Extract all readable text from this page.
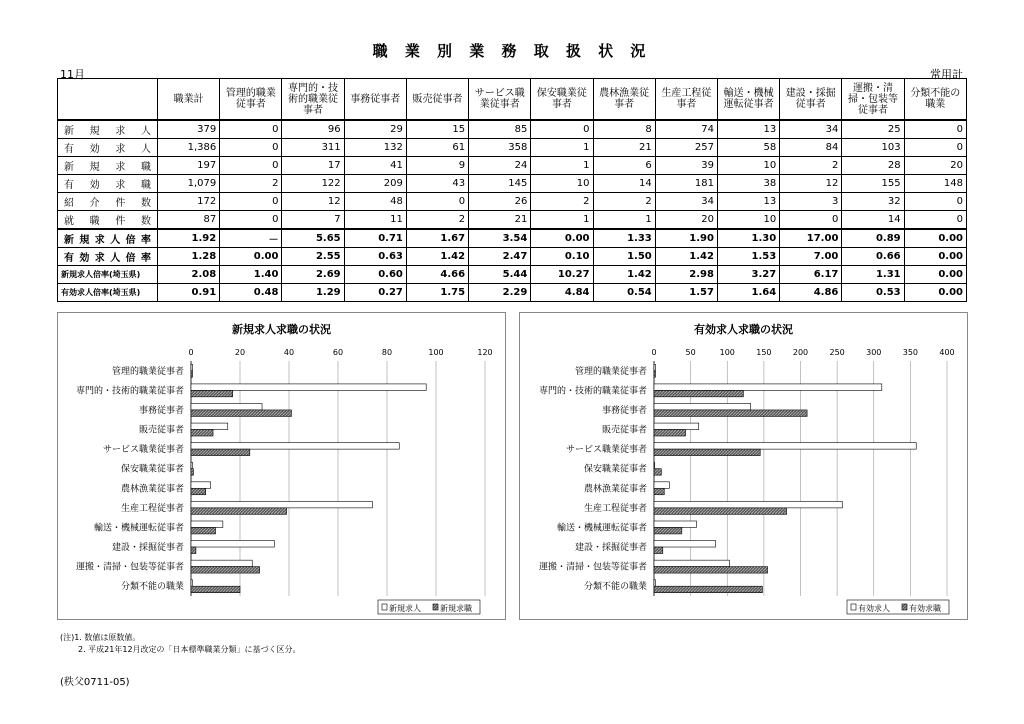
職 業 別 業 務 取 扱 状 況
11月	常用計
	職業計	管理的職業従事者	専門的・技術的職業従事者	事務従事者	販売従事者	サービス職業従事者	保安職業従事者	農林漁業従事者	生産工程従事者	輸送・機械運転従事者	建設・採掘従事者	運搬・清掃・包装等従事者	分類不能の職業
新規求人	379	0	96	29	15	85	0	8	74	13	34	25	0
有効求人	1,386	0	311	132	61	358	1	21	257	58	84	103	0
新規求職	197	0	17	41	9	24	1	6	39	10	2	28	20
有効求職	1,079	2	122	209	43	145	10	14	181	38	12	155	148
紹介件数	172	0	12	48	0	26	2	2	34	13	3	32	0
就職件数	87	0	7	11	2	21	1	1	20	10	0	14	0
新規求人倍率	1.92	－	5.65	0.71	1.67	3.54	0.00	1.33	1.90	1.30	17.00	0.89	0.00
有効求人倍率	1.28	0.00	2.55	0.63	1.42	2.47	0.10	1.50	1.42	1.53	7.00	0.66	0.00
新規求人倍率(埼玉県)	2.08	1.40	2.69	0.60	4.66	5.44	10.27	1.42	2.98	3.27	6.17	1.31	0.00
有効求人倍率(埼玉県)	0.91	0.48	1.29	0.27	1.75	2.29	4.84	0.54	1.57	1.64	4.86	0.53	0.00
新規求人求職の状況
0	20	40	60	80	100	120
管理的職業従事者
専門的・技術的職業従事者
事務従事者
販売従事者
サービス職業従事者
保安職業従事者
農林漁業従事者
生産工程従事者
輸送・機械運転従事者
建設・採掘従事者
運搬・清掃・包装等従事者
分類不能の職業
新規求人 新規求職
有効求人求職の状況
0	50	100	150	200	250	300	350	400
管理的職業従事者
専門的・技術的職業従事者
事務従事者
販売従事者
サービス職業従事者
保安職業従事者
農林漁業従事者
生産工程従事者
輸送・機械運転従事者
建設・採掘従事者
運搬・清掃・包装等従事者
分類不能の職業
有効求人 有効求職
(注)1. 数値は原数値。
2. 平成21年12月改定の「日本標準職業分類」に基づく区分。
(秩父0711-05)
